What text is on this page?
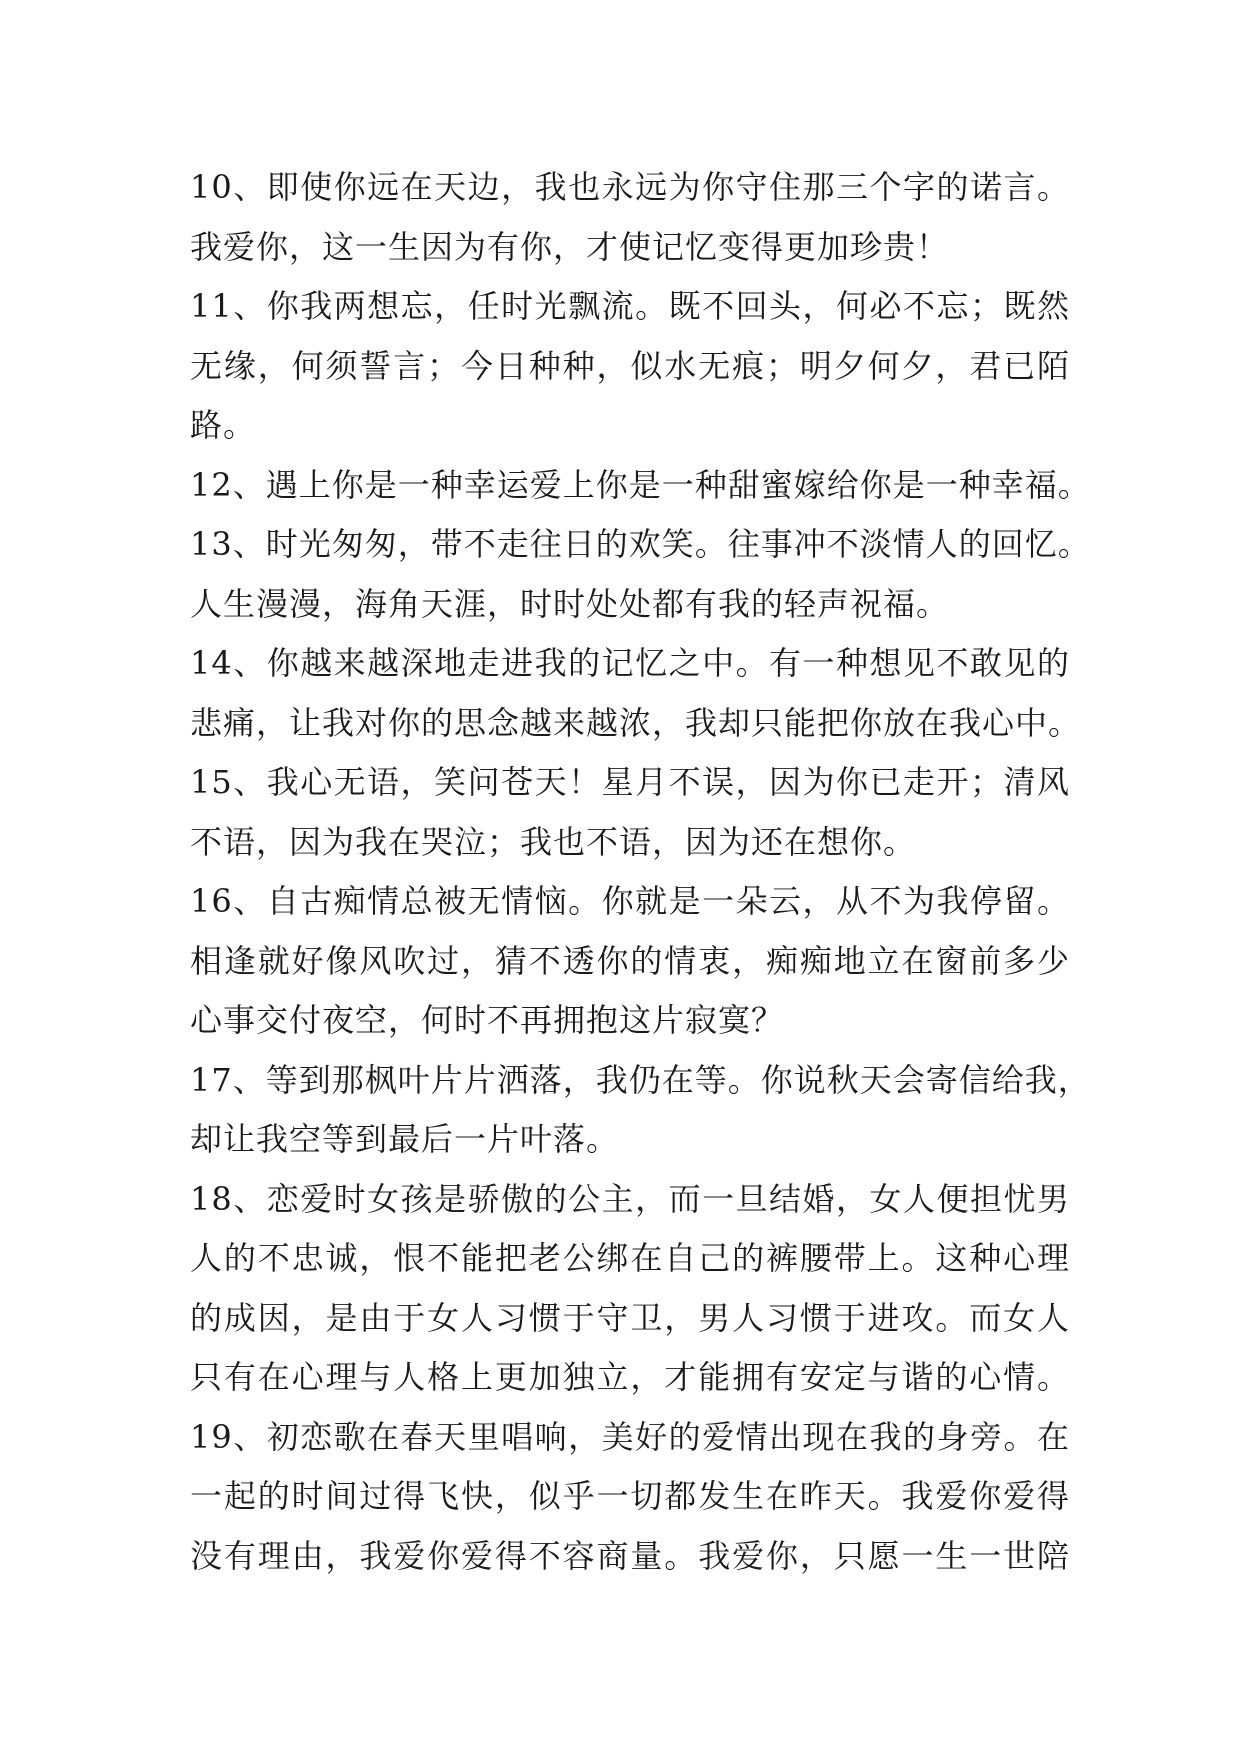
10、即使你远在天边，我也永远为你守住那三个字的诺言。
我爱你，这一生因为有你，才使记忆变得更加珍贵！
11、你我两想忘，任时光飘流。既不回头，何必不忘；既然
无缘，何须誓言；今日种种，似水无痕；明夕何夕，君已陌
路。
12、遇上你是一种幸运爱上你是一种甜蜜嫁给你是一种幸福。
13、时光匆匆，带不走往日的欢笑。往事冲不淡情人的回忆。
人生漫漫，海角天涯，时时处处都有我的轻声祝福。
14、你越来越深地走进我的记忆之中。有一种想见不敢见的
悲痛，让我对你的思念越来越浓，我却只能把你放在我心中。
15、我心无语，笑问苍天！星月不误，因为你已走开；清风
不语，因为我在哭泣；我也不语，因为还在想你。
16、自古痴情总被无情恼。你就是一朵云，从不为我停留。
相逢就好像风吹过，猜不透你的情衷，痴痴地立在窗前多少
心事交付夜空，何时不再拥抱这片寂寞？
17、等到那枫叶片片洒落，我仍在等。你说秋天会寄信给我，
却让我空等到最后一片叶落。
18、恋爱时女孩是骄傲的公主，而一旦结婚，女人便担忧男
人的不忠诚，恨不能把老公绑在自己的裤腰带上。这种心理
的成因，是由于女人习惯于守卫，男人习惯于进攻。而女人
只有在心理与人格上更加独立，才能拥有安定与谐的心情。
19、初恋歌在春天里唱响，美好的爱情出现在我的身旁。在
一起的时间过得飞快，似乎一切都发生在昨天。我爱你爱得
没有理由，我爱你爱得不容商量。我爱你，只愿一生一世陪
